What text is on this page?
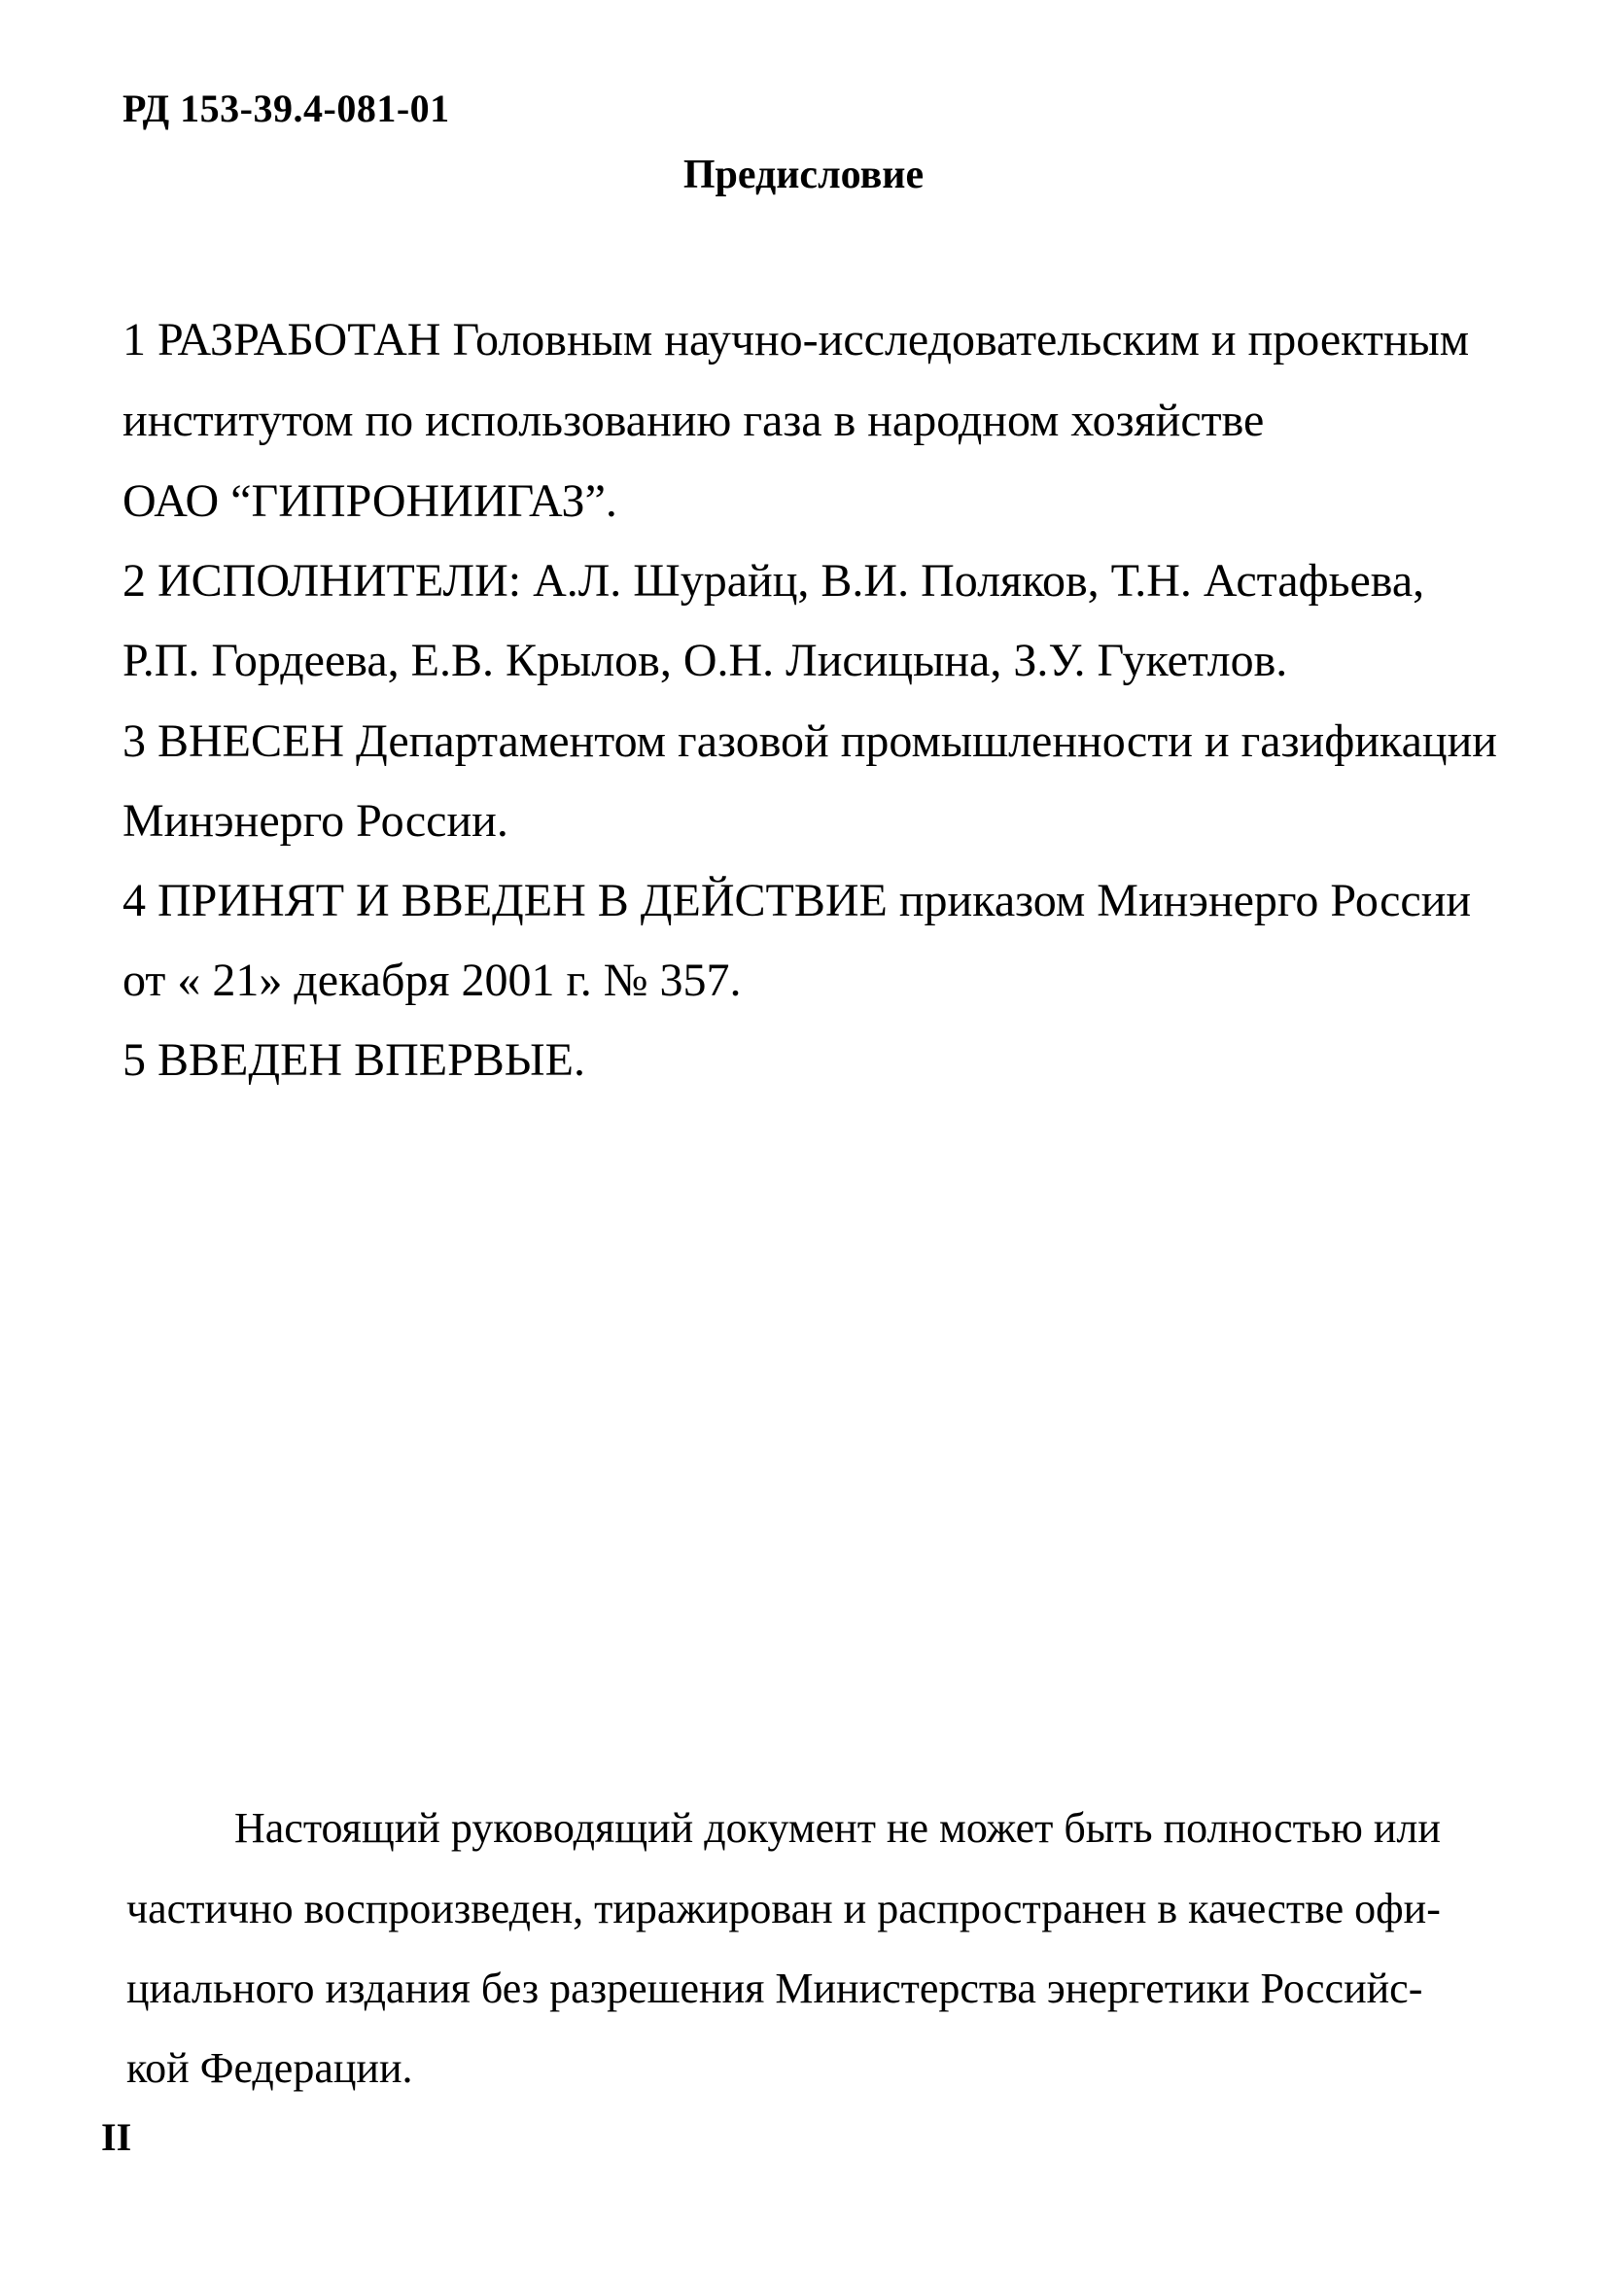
РД 153-39.4-081-01
Предисловие
1 РАЗРАБОТАН Головным научно-исследовательским и проектным
институтом по использованию газа в народном хозяйстве
ОАО “ГИПРОНИИГАЗ”.
2 ИСПОЛНИТЕЛИ: А.Л. Шурайц, В.И. Поляков, Т.Н. Астафьева,
Р.П. Гордеева, Е.В. Крылов, О.Н. Лисицына, З.У. Гукетлов.
3 ВНЕСЕН Департаментом газовой промышленности и газификации
Минэнерго России.
4 ПРИНЯТ И ВВЕДЕН В ДЕЙСТВИЕ приказом Минэнерго России
от « 21» декабря 2001 г. № 357.
5 ВВЕДЕН ВПЕРВЫЕ.
Настоящий руководящий документ не может быть полностью или
частично воспроизведен, тиражирован и распространен в качестве офи-
циального издания без разрешения Министерства энергетики Российс-
кой Федерации.
II
